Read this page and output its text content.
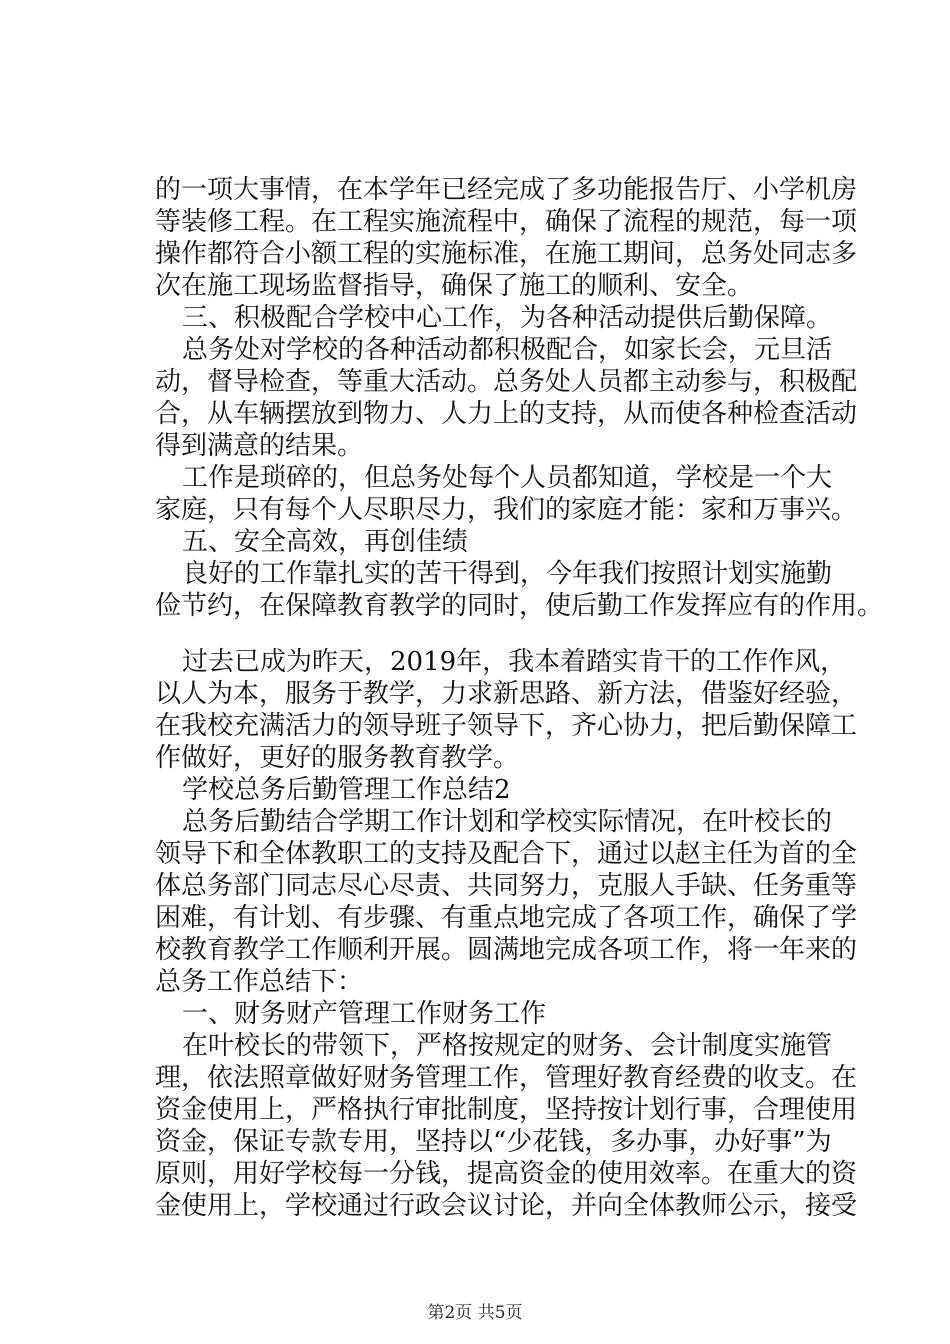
的一项大事情，在本学年已经完成了多功能报告厅、小学机房
等装修工程。在工程实施流程中，确保了流程的规范，每一项
操作都符合小额工程的实施标准，在施工期间，总务处同志多
次在施工现场监督指导，确保了施工的顺利、安全。
三、积极配合学校中心工作，为各种活动提供后勤保障。
总务处对学校的各种活动都积极配合，如家长会，元旦活
动，督导检查，等重大活动。总务处人员都主动参与，积极配
合，从车辆摆放到物力、人力上的支持，从而使各种检查活动
得到满意的结果。
工作是琐碎的，但总务处每个人员都知道，学校是一个大
家庭，只有每个人尽职尽力，我们的家庭才能：家和万事兴。
五、安全高效，再创佳绩
良好的工作靠扎实的苦干得到，今年我们按照计划实施勤
俭节约，在保障教育教学的同时，使后勤工作发挥应有的作用。
过去已成为昨天，2019年，我本着踏实肯干的工作作风，
以人为本，服务于教学，力求新思路、新方法，借鉴好经验，
在我校充满活力的领导班子领导下，齐心协力，把后勤保障工
作做好，更好的服务教育教学。
学校总务后勤管理工作总结2
总务后勤结合学期工作计划和学校实际情况，在叶校长的
领导下和全体教职工的支持及配合下，通过以赵主任为首的全
体总务部门同志尽心尽责、共同努力，克服人手缺、任务重等
困难，有计划、有步骤、有重点地完成了各项工作，确保了学
校教育教学工作顺利开展。圆满地完成各项工作，将一年来的
总务工作总结下：
一、财务财产管理工作财务工作
在叶校长的带领下，严格按规定的财务、会计制度实施管
理，依法照章做好财务管理工作，管理好教育经费的收支。在
资金使用上，严格执行审批制度，坚持按计划行事，合理使用
资金，保证专款专用，坚持以“少花钱，多办事，办好事”为
原则，用好学校每一分钱，提高资金的使用效率。在重大的资
金使用上，学校通过行政会议讨论，并向全体教师公示，接受
第2页 共5页
